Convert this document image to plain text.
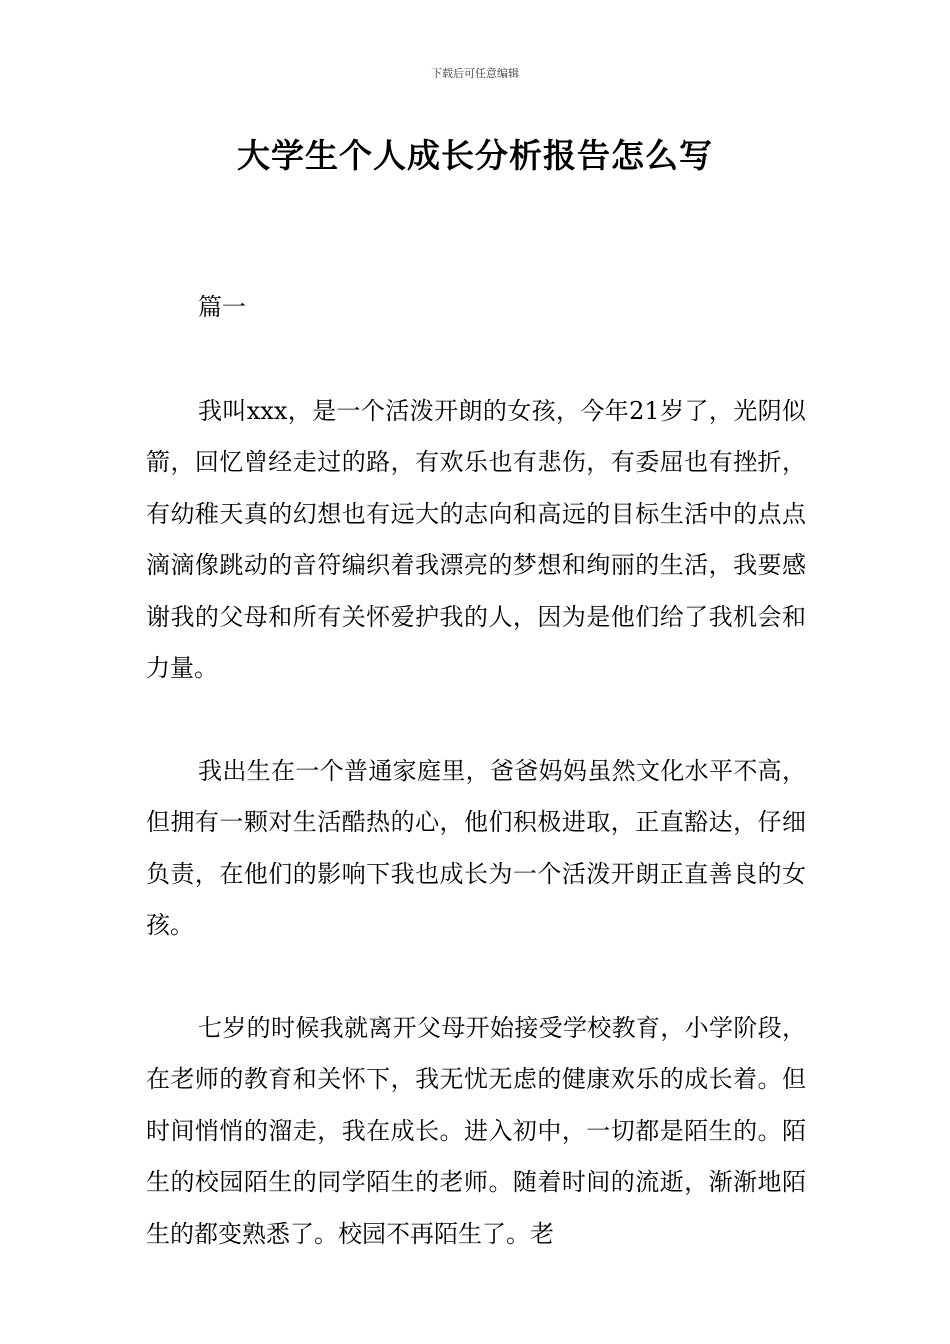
下载后可任意编辑
大学生个人成长分析报告怎么写

篇一

我叫xxx，是一个活泼开朗的女孩，今年21岁了，光阴似箭，回忆曾经走过的路，有欢乐也有悲伤，有委屈也有挫折，有幼稚天真的幻想也有远大的志向和高远的目标生活中的点点滴滴像跳动的音符编织着我漂亮的梦想和绚丽的生活，我要感谢我的父母和所有关怀爱护我的人，因为是他们给了我机会和力量。

我出生在一个普通家庭里，爸爸妈妈虽然文化水平不高，但拥有一颗对生活酷热的心，他们积极进取，正直豁达，仔细负责，在他们的影响下我也成长为一个活泼开朗正直善良的女孩。

七岁的时候我就离开父母开始接受学校教育，小学阶段，在老师的教育和关怀下，我无忧无虑的健康欢乐的成长着。但时间悄悄的溜走，我在成长。进入初中，一切都是陌生的。陌生的校园陌生的同学陌生的老师。随着时间的流逝，渐渐地陌生的都变熟悉了。校园不再陌生了。老
